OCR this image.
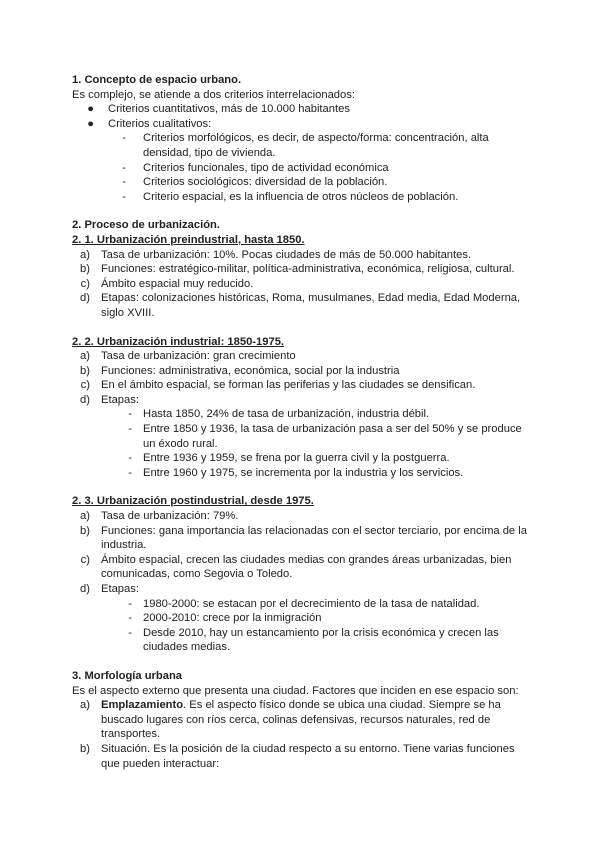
1. Concepto de espacio urbano.
Es complejo, se atiende a dos criterios interrelacionados:
●	Criterios cuantitativos, más de 10.000 habitantes
●	Criterios cualitativos:
-	Criterios morfológicos, es decir, de aspecto/forma: concentración, alta densidad, tipo de vivienda.
-	Criterios funcionales, tipo de actividad económica
-	Criterios sociológicos: diversidad de la población.
-	Criterio espacial, es la influencia de otros núcleos de población.
2. Proceso de urbanización.
2. 1. Urbanización preindustrial, hasta 1850.
a) Tasa de urbanización: 10%. Pocas ciudades de más de 50.000 habitantes.
b) Funciones: estratégico-militar, política-administrativa, económica, religiosa, cultural.
c) Ámbito espacial muy reducido.
d) Etapas: colonizaciones históricas, Roma, musulmanes, Edad media, Edad Moderna, siglo XVIII.
2. 2. Urbanización industrial: 1850-1975.
a) Tasa de urbanización: gran crecimiento
b) Funciones: administrativa, económica, social por la industria
c) En el ámbito espacial, se forman las periferias y las ciudades se densifican.
d) Etapas:
- Hasta 1850, 24% de tasa de urbanización, industria débil.
- Entre 1850 y 1936, la tasa de urbanización pasa a ser del 50% y se produce un éxodo rural.
- Entre 1936 y 1959, se frena por la guerra civil y la postguerra.
- Entre 1960 y 1975, se incrementa por la industria y los servicios.
2. 3. Urbanización postindustrial, desde 1975.
a) Tasa de urbanización: 79%.
b) Funciones: gana importancia las relacionadas con el sector terciario, por encima de la industria.
c) Ámbito espacial, crecen las ciudades medias con grandes áreas urbanizadas, bien comunicadas, como Segovia o Toledo.
d) Etapas:
- 1980-2000: se estacan por el decrecimiento de la tasa de natalidad.
- 2000-2010: crece por la inmigración
- Desde 2010, hay un estancamiento por la crisis económica y crecen las ciudades medias.
3. Morfología urbana
Es el aspecto externo que presenta una ciudad. Factores que inciden en ese espacio son:
a) Emplazamiento. Es el aspecto físico donde se ubica una ciudad. Siempre se ha buscado lugares con ríos cerca, colinas defensivas, recursos naturales, red de transportes.
b) Situación. Es la posición de la ciudad respecto a su entorno. Tiene varias funciones que pueden interactuar:
